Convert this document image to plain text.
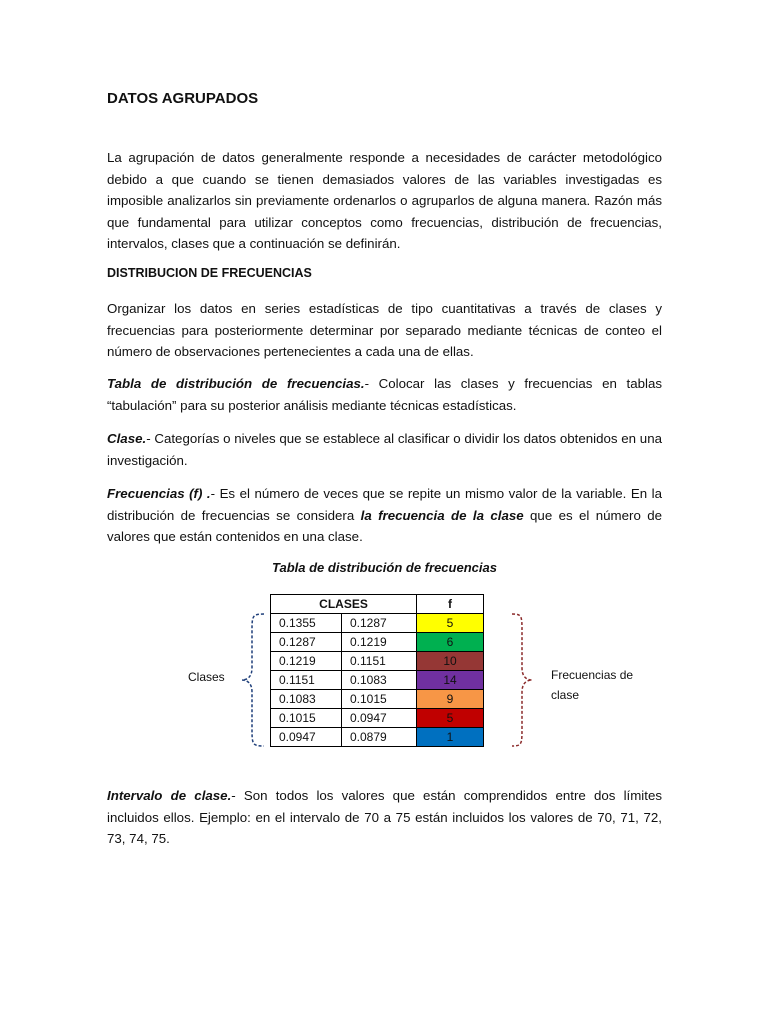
DATOS AGRUPADOS
La agrupación de datos generalmente responde a necesidades de carácter metodológico debido a que cuando se tienen demasiados valores de las variables investigadas es imposible analizarlos sin previamente ordenarlos o agruparlos de alguna manera. Razón más que fundamental para utilizar conceptos como frecuencias, distribución de frecuencias, intervalos, clases que a continuación se definirán.
DISTRIBUCION DE FRECUENCIAS
Organizar los datos en series estadísticas de tipo cuantitativas a través de clases y frecuencias para posteriormente determinar por separado mediante técnicas de conteo el número de observaciones pertenecientes a cada una de ellas.
Tabla de distribución de frecuencias.- Colocar las clases y frecuencias en tablas “tabulación” para su posterior análisis mediante técnicas estadísticas.
Clase.- Categorías o niveles que se establece al clasificar o dividir los datos obtenidos en una investigación.
Frecuencias (f) .- Es el número de veces que se repite un mismo valor de la variable. En la distribución de frecuencias se considera la frecuencia de la clase que es el número de valores que están contenidos en una clase.
Tabla de distribución de frecuencias
CLASES		f
0.1355	0.1287	5
0.1287	0.1219	6
0.1219	0.1151	10
0.1151	0.1083	14
0.1083	0.1015	9
0.1015	0.0947	5
0.0947	0.0879	1
Clases	Frecuencias de
clase
Intervalo de clase.- Son todos los valores que están comprendidos entre dos límites incluidos ellos. Ejemplo: en el intervalo de 70 a 75 están incluidos los valores de 70, 71, 72, 73, 74, 75.
